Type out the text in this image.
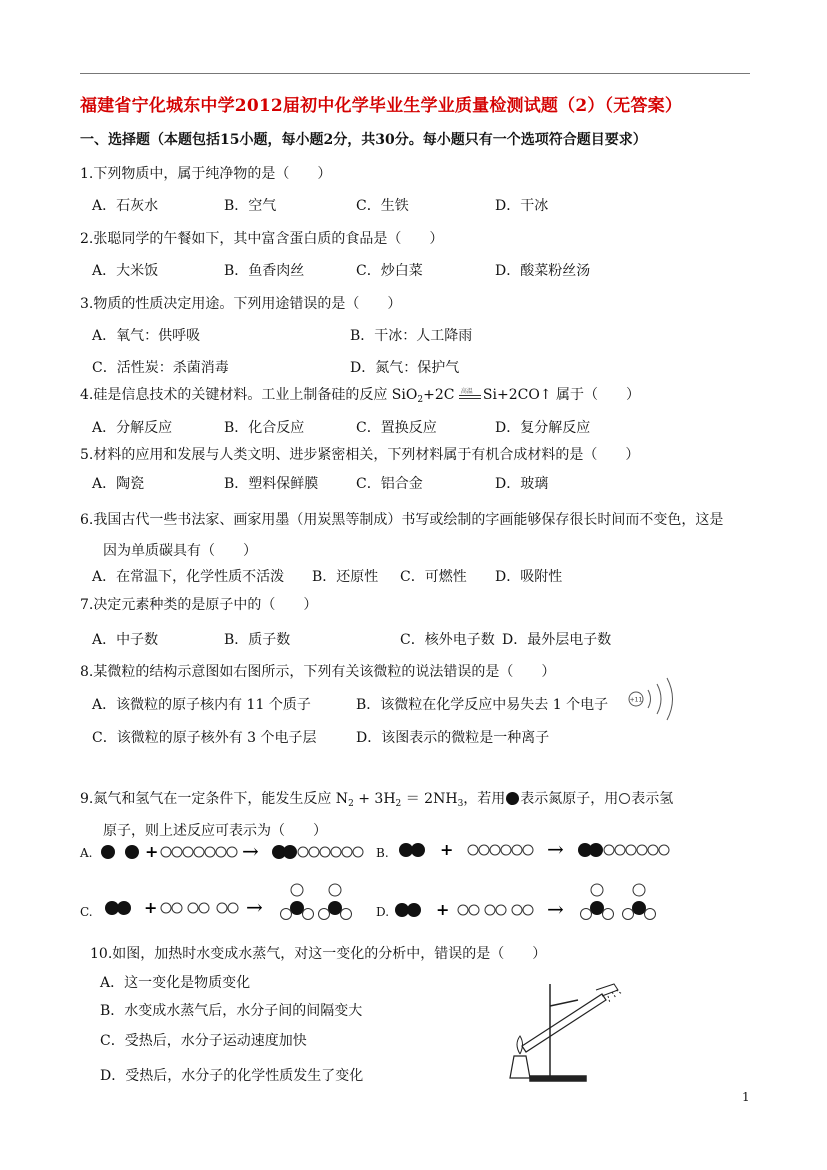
福建省宁化城东中学2012届初中化学毕业生学业质量检测试题（2）（无答案）
一、选择题（本题包括15小题，每小题2分，共30分。每小题只有一个选项符合题目要求）
1.下列物质中，属于纯净物的是（　　）
A．石灰水	B．空气	C．生铁	D．干冰
2.张聪同学的午餐如下，其中富含蛋白质的食品是（　　）
A．大米饭	B．鱼香肉丝	C．炒白菜	D．酸菜粉丝汤
3.物质的性质决定用途。下列用途错误的是（　　）
A．氧气：供呼吸	B．干冰：人工降雨
C．活性炭：杀菌消毒	D．氮气：保护气
4.硅是信息技术的关键材料。工业上制备硅的反应 SiO$_2$+2C 高温 Si+2CO↑ 属于（　　）
A．分解反应	B．化合反应	C．置换反应	D．复分解反应
5.材料的应用和发展与人类文明、进步紧密相关，下列材料属于有机合成材料的是（　　）
A．陶瓷	B．塑料保鲜膜	C．铝合金	D．玻璃
6.我国古代一些书法家、画家用墨（用炭黑等制成）书写或绘制的字画能够保存很长时间而不变色，这是
因为单质碳具有（　　）
A．在常温下，化学性质不活泼 B．还原性 C．可燃性 D．吸附性
7.决定元素种类的是原子中的（　　）
A．中子数	B．质子数	C．核外电子数 D．最外层电子数
8.某微粒的结构示意图如右图所示，下列有关该微粒的说法错误的是（　　）
A．该微粒的原子核内有 11 个质子	B．该微粒在化学反应中易失去 1 个电子
C．该微粒的原子核外有 3 个电子层	D．该图表示的微粒是一种离子
+11
9.氮气和氢气在一定条件下，能发生反应 $N_2 + 3H_2 = 2NH_3$，若用 表示氮原子，用 表示氢
原子，则上述反应可表示为（　　）
A.	B.
+	→	+	→
C.	D.
+	→	+	→
10.如图，加热时水变成水蒸气，对这一变化的分析中，错误的是（　　）
A．这一变化是物质变化
B．水变成水蒸气后，水分子间的间隔变大
C．受热后，水分子运动速度加快
D．受热后，水分子的化学性质发生了变化
1
